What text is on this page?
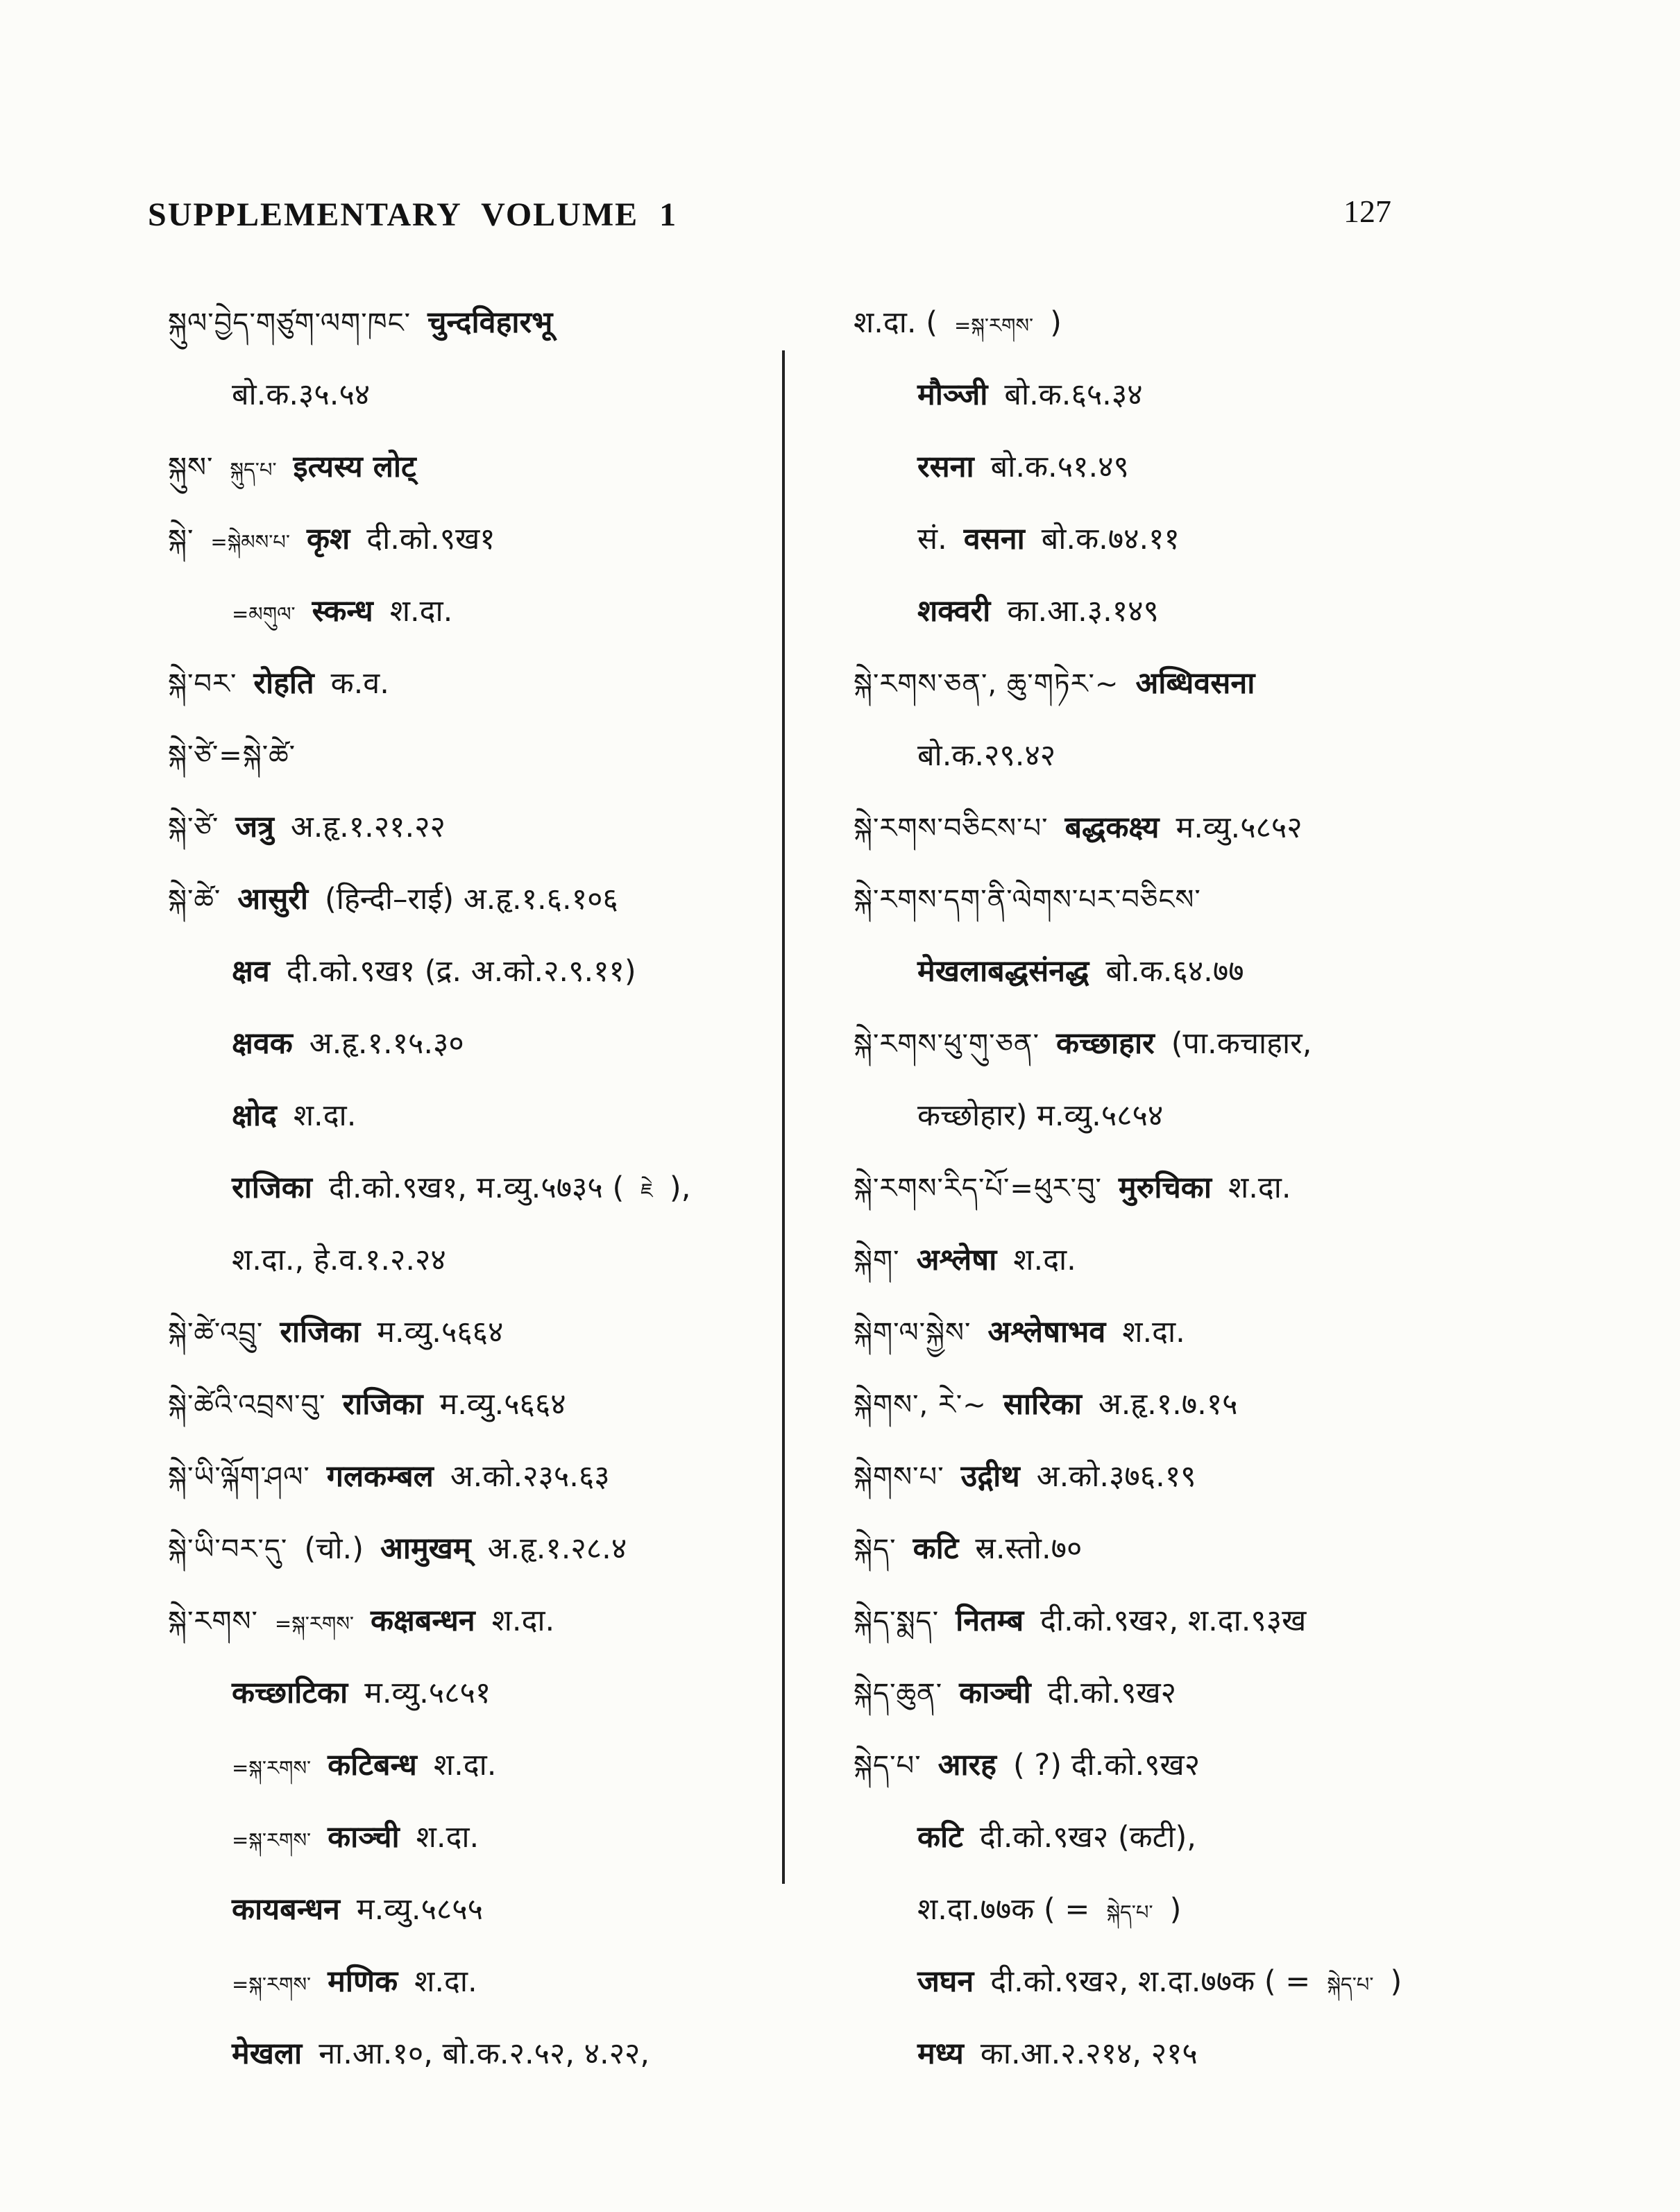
SUPPLEMENTARY VOLUME 1	127
སྐུལ་བྱེད་གཙུག་ལག་ཁང་ चुन्दविहारभू
बो.क.३५.५४
སྐུས་ སྐུད་པ་ इत्यस्य लोट्
སྐེ་ =སྐེམས་པ་ कृश दी.को.९ख१
=མགུལ་ स्कन्ध श.दा.
སྐེ་བར་ रोहति क.व.
སྐེ་ཙེ་=སྐེ་ཚེ་
སྐེ་ཙེ་ जत्रु अ.हृ.१.२१.२२
སྐེ་ཚེ་ आसुरी (हिन्दी–राई) अ.हृ.१.६.१०६
क्षव दी.को.९ख१ (द्र. अ.को.२.९.११)
क्षवक अ.हृ.१.१५.३०
क्षोद श.दा.
राजिका दी.को.९ख१, म.व्यु.५७३५ ( ཇེ ),
श.दा., हे.व.१.२.२४
སྐེ་ཚེ་འབྲུ་ राजिका म.व्यु.५६६४
སྐེ་ཚེའི་འབྲས་བུ་ राजिका म.व्यु.५६६४
སྐེ་ཡི་ལྐོག་ཤལ་ गलकम्बल अ.को.२३५.६३
སྐེ་ཡི་བར་དུ་ (चो.) आमुखम् अ.हृ.१.२८.४
སྐེ་རགས་ =སྐ་རགས་ कक्षबन्धन श.दा.
कच्छाटिका म.व्यु.५८५१
=སྐ་རགས་ कटिबन्ध श.दा.
=སྐ་རགས་ काञ्ची श.दा.
कायबन्धन म.व्यु.५८५५
=སྐ་རགས་ मणिक श.दा.
मेखला ना.आ.१०, बो.क.२.५२, ४.२२,
श.दा. ( =སྐ་རགས་ )
मौञ्जी बो.क.६५.३४
रसना बो.क.५१.४९
सं. वसना बो.क.७४.११
शक्वरी का.आ.३.१४९
སྐེ་རགས་ཅན་, ཆུ་གཏེར་~ अब्धिवसना
बो.क.२९.४२
སྐེ་རགས་བཅིངས་པ་ बद्धकक्ष्य म.व्यु.५८५२
སྐེ་རགས་དག་ནི་ལེགས་པར་བཅིངས་
मेखलाबद्धसंनद्ध बो.क.६४.७७
སྐེ་རགས་ཕུ་གུ་ཅན་ कच्छाहार (पा.कचाहार,
कच्छोहार) म.व्यु.५८५४
སྐེ་རགས་རིད་པོ་=ཕུར་བུ་ मुरुचिका श.दा.
སྐེག་ अश्लेषा श.दा.
སྐེག་ལ་སྐྱེས་ अश्लेषाभव श.दा.
སྐེགས་, རེ་~ सारिका अ.हृ.१.७.१५
སྐེགས་པ་ उद्गीथ अ.को.३७६.१९
སྐེད་ कटि स्र.स्तो.७०
སྐེད་སྨད་ नितम्ब दी.को.९ख२, श.दा.९३ख
སྐེད་ཆུན་ काञ्ची दी.को.९ख२
སྐེད་པ་ आरह ( ?) दी.को.९ख२
कटि दी.को.९ख२ (कटी),
श.दा.७७क ( = སྐེད་པ་ )
जघन दी.को.९ख२, श.दा.७७क ( = སྐེད་པ་ )
मध्य का.आ.२.२१४, २१५
